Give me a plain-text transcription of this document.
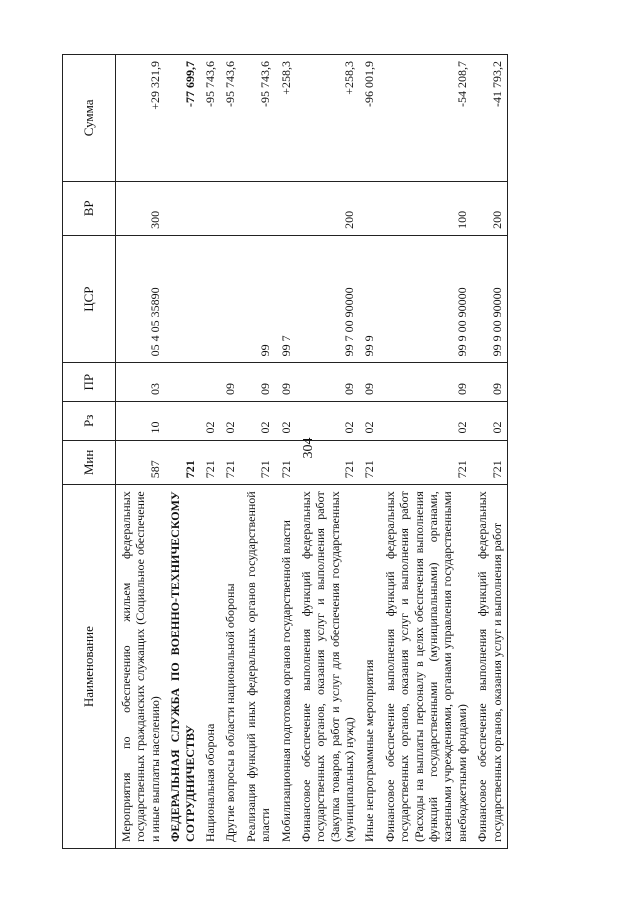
304
Наименование	Мин	Рз	ПР	ЦСР	ВР	Сумма
Мероприятия по обеспечению жильем федеральных государственных гражданских служащих (Социальное обеспечение и иные выплаты населению)	587	10	03	05 4 05 35890	300	+29 321,9
ФЕДЕРАЛЬНАЯ СЛУЖБА ПО ВОЕННО-ТЕХНИЧЕСКОМУ СОТРУДНИЧЕСТВУ	721					-77 699,7
Национальная оборона	721	02				-95 743,6
Другие вопросы в области национальной обороны	721	02	09			-95 743,6
Реализация функций иных федеральных органов государственной власти	721	02	09	99		-95 743,6
Мобилизационная подготовка органов государственной власти	721	02	09	99 7		+258,3
Финансовое обеспечение выполнения функций федеральных государственных органов, оказания услуг и выполнения работ (Закупка товаров, работ и услуг для обеспечения государственных (муниципальных) нужд)	721	02	09	99 7 00 90000	200	+258,3
Иные непрограммные мероприятия	721	02	09	99 9		-96 001,9
Финансовое обеспечение выполнения функций федеральных государственных органов, оказания услуг и выполнения работ (Расходы на выплаты персоналу в целях обеспечения выполнения функций государственными (муниципальными) органами, казенными учреждениями, органами управления государственными внебюджетными фондами)	721	02	09	99 9 00 90000	100	-54 208,7
Финансовое обеспечение выполнения функций федеральных государственных органов, оказания услуг и выполнения работ	721	02	09	99 9 00 90000	200	-41 793,2
